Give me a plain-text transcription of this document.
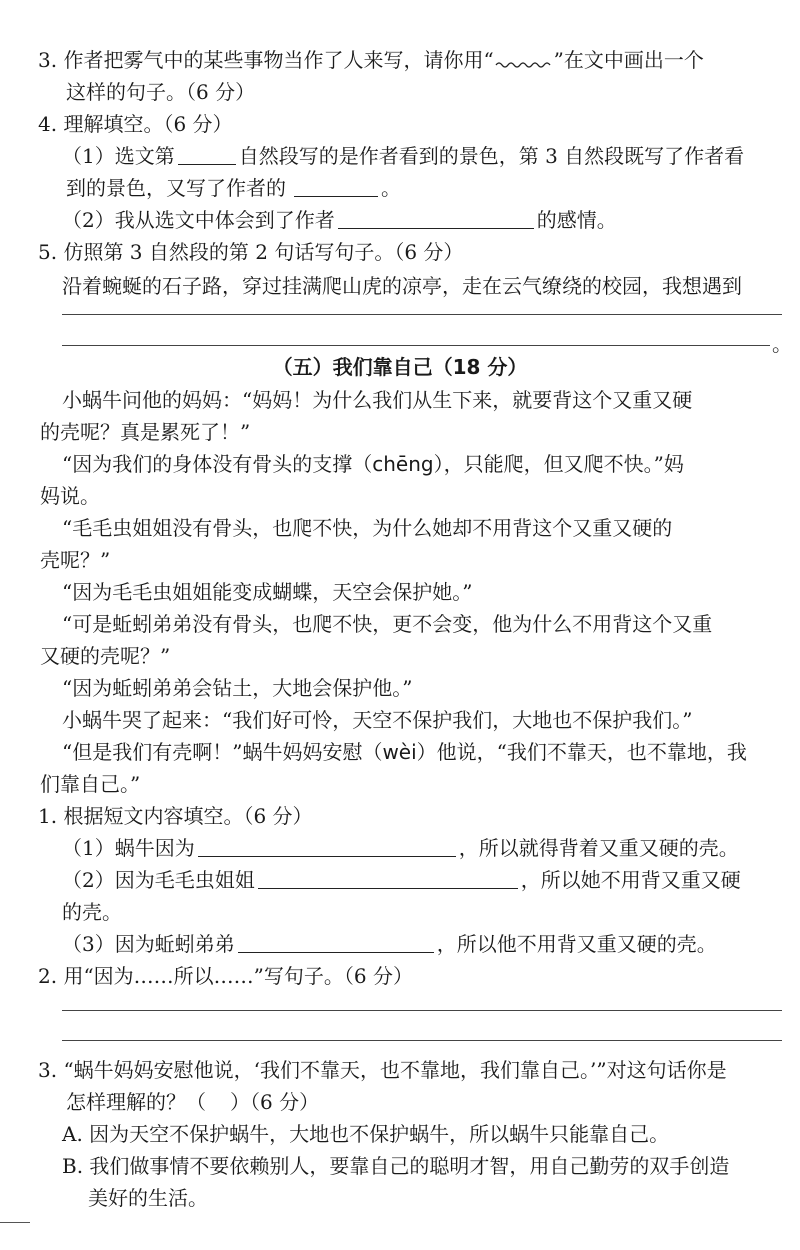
3. 作者把雾气中的某些事物当作了人来写，请你用“	”在文中画出一个
这样的句子。（6 分）
4. 理解填空。（6 分）
（1）选文第	自然段写的是作者看到的景色，第 3 自然段既写了作者看
到的景色，又写了作者的	。
（2）我从选文中体会到了作者	的感情。
5. 仿照第 3 自然段的第 2 句话写句子。（6 分）
沿着蜿蜒的石子路，穿过挂满爬山虎的凉亭，走在云气缭绕的校园，我想遇到
。
（五）我们靠自己（18 分）
小蜗牛问他的妈妈：“妈妈！为什么我们从生下来，就要背这个又重又硬
的壳呢？真是累死了！”
“因为我们的身体没有骨头的支撑（chēng），只能爬，但又爬不快。”妈
妈说。
“毛毛虫姐姐没有骨头，也爬不快，为什么她却不用背这个又重又硬的
壳呢？”
“因为毛毛虫姐姐能变成蝴蝶，天空会保护她。”
“可是蚯蚓弟弟没有骨头，也爬不快，更不会变，他为什么不用背这个又重
又硬的壳呢？”
“因为蚯蚓弟弟会钻土，大地会保护他。”
小蜗牛哭了起来：“我们好可怜，天空不保护我们，大地也不保护我们。”
“但是我们有壳啊！”蜗牛妈妈安慰（wèi）他说，“我们不靠天，也不靠地，我
们靠自己。”
1. 根据短文内容填空。（6 分）
（1）蜗牛因为	，所以就得背着又重又硬的壳。
（2）因为毛毛虫姐姐	，所以她不用背又重又硬
的壳。
（3）因为蚯蚓弟弟	，所以他不用背又重又硬的壳。
2. 用“因为……所以……”写句子。（6 分）
3. “蜗牛妈妈安慰他说，‘我们不靠天，也不靠地，我们靠自己。’”对这句话你是
怎样理解的？（ ）（6 分）
A. 因为天空不保护蜗牛，大地也不保护蜗牛，所以蜗牛只能靠自己。
B. 我们做事情不要依赖别人，要靠自己的聪明才智，用自己勤劳的双手创造
美好的生活。
